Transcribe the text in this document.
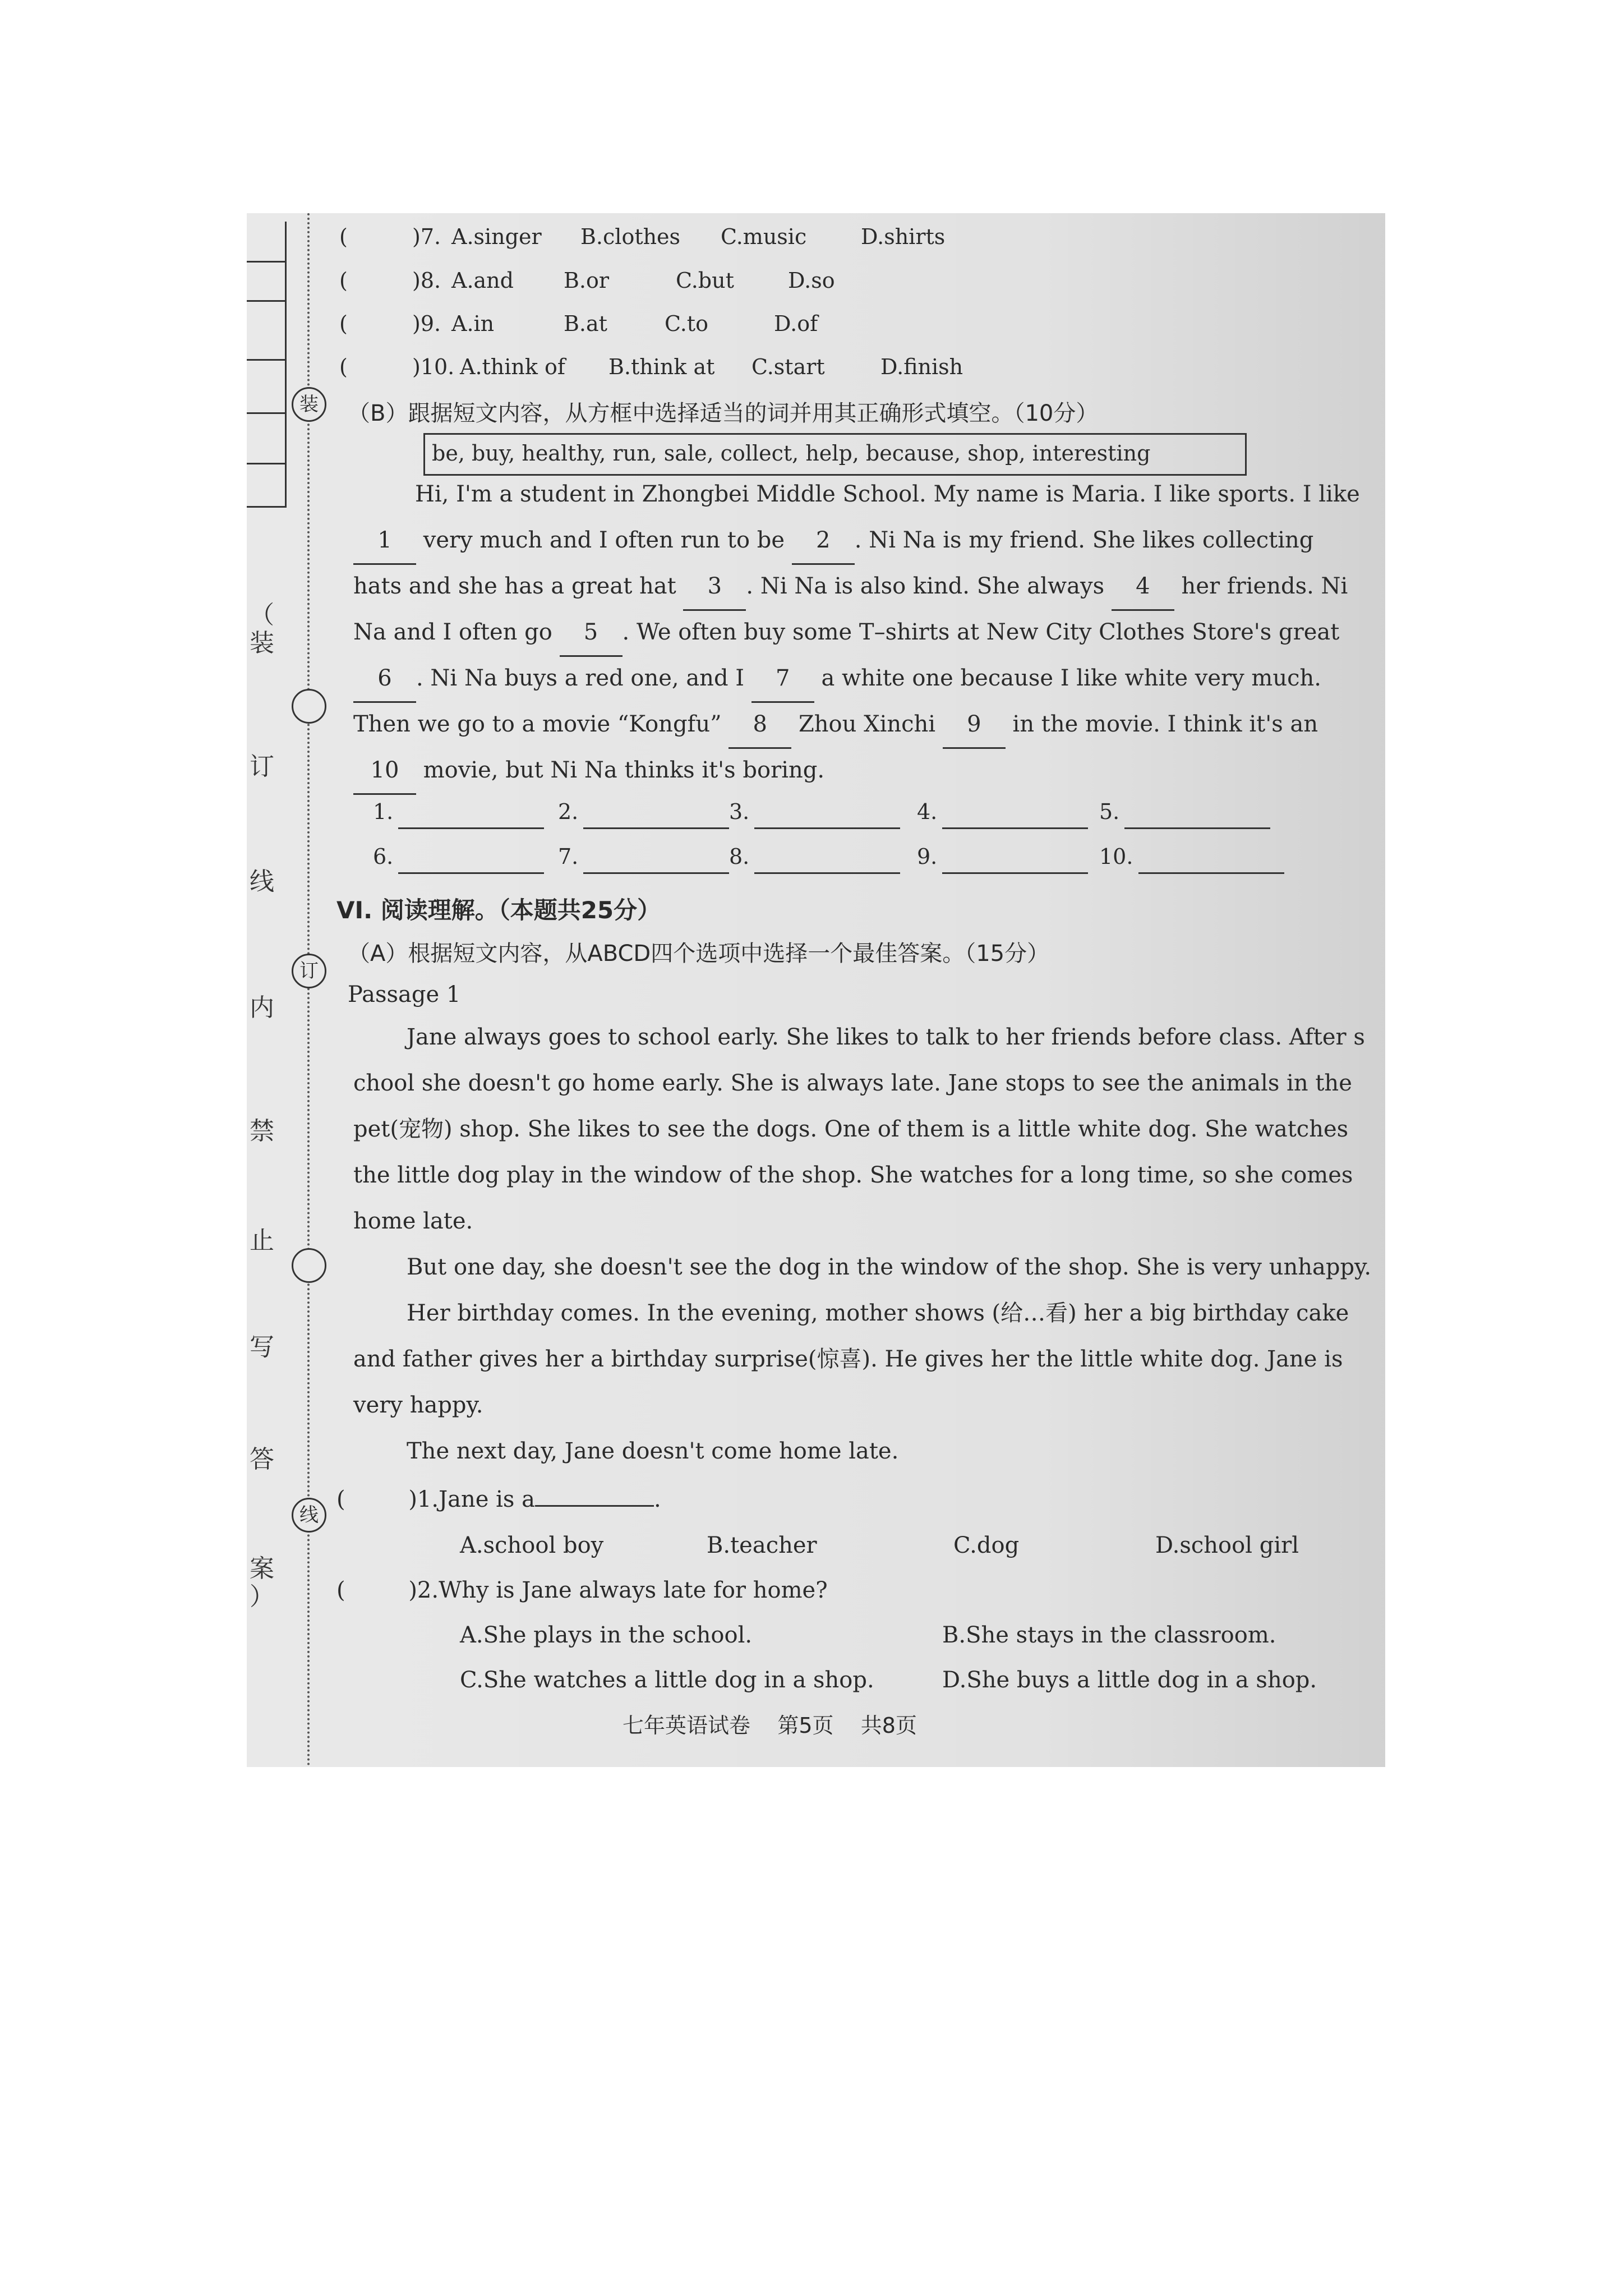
（
装
订
线
内
禁
止
写
答
案
）
装
订
线
(	)7. A.singer B.clothes C.music	D.shirts
(	)8. A.and B.or	C.but	D.so
(	)9. A.in	B.at	C.to	D.of
(	)10. A.think of B.think at C.start	D.finish
（B）跟据短文内容，从方框中选择适当的词并用其正确形式填空。（10分）
be, buy, healthy, run, sale, collect, help, because, shop, interesting
Hi, I'm a student in Zhongbei Middle School. My name is Maria. I like sports. I like
1 very much and I often run to be 2 . Ni Na is my friend. She likes collecting
hats and she has a great hat 3 . Ni Na is also kind. She always 4 her friends. Ni
Na and I often go 5 . We often buy some T–shirts at New City Clothes Store's great
6 . Ni Na buys a red one, and I 7 a white one because I like white very much.
Then we go to a movie “Kongfu” 8 Zhou Xinchi 9 in the movie. I think it's an
10 movie, but Ni Na thinks it's boring.
1.	2.	3.	4.	5.
6.	7.	8.	9.	10.
VI. 阅读理解。（本题共25分）
（A）根据短文内容，从ABCD四个选项中选择一个最佳答案。（15分）
Passage 1
Jane always goes to school early. She likes to talk to her friends before class. After s
chool she doesn't go home early. She is always late. Jane stops to see the animals in the
pet(宠物) shop. She likes to see the dogs. One of them is a little white dog. She watches
the little dog play in the window of the shop. She watches for a long time, so she comes
home late.
But one day, she doesn't see the dog in the window of the shop. She is very unhappy.
Her birthday comes. In the evening, mother shows (给…看) her a big birthday cake
and father gives her a birthday surprise(惊喜). He gives her the little white dog. Jane is
very happy.
The next day, Jane doesn't come home late.
(	)1.Jane is a	.
A.school boy	B.teacher	C.dog	D.school girl
(	)2.Why is Jane always late for home?
A.She plays in the school.	B.She stays in the classroom.
C.She watches a little dog in a shop.	D.She buys a little dog in a shop.
七年英语试卷    第5页    共8页
